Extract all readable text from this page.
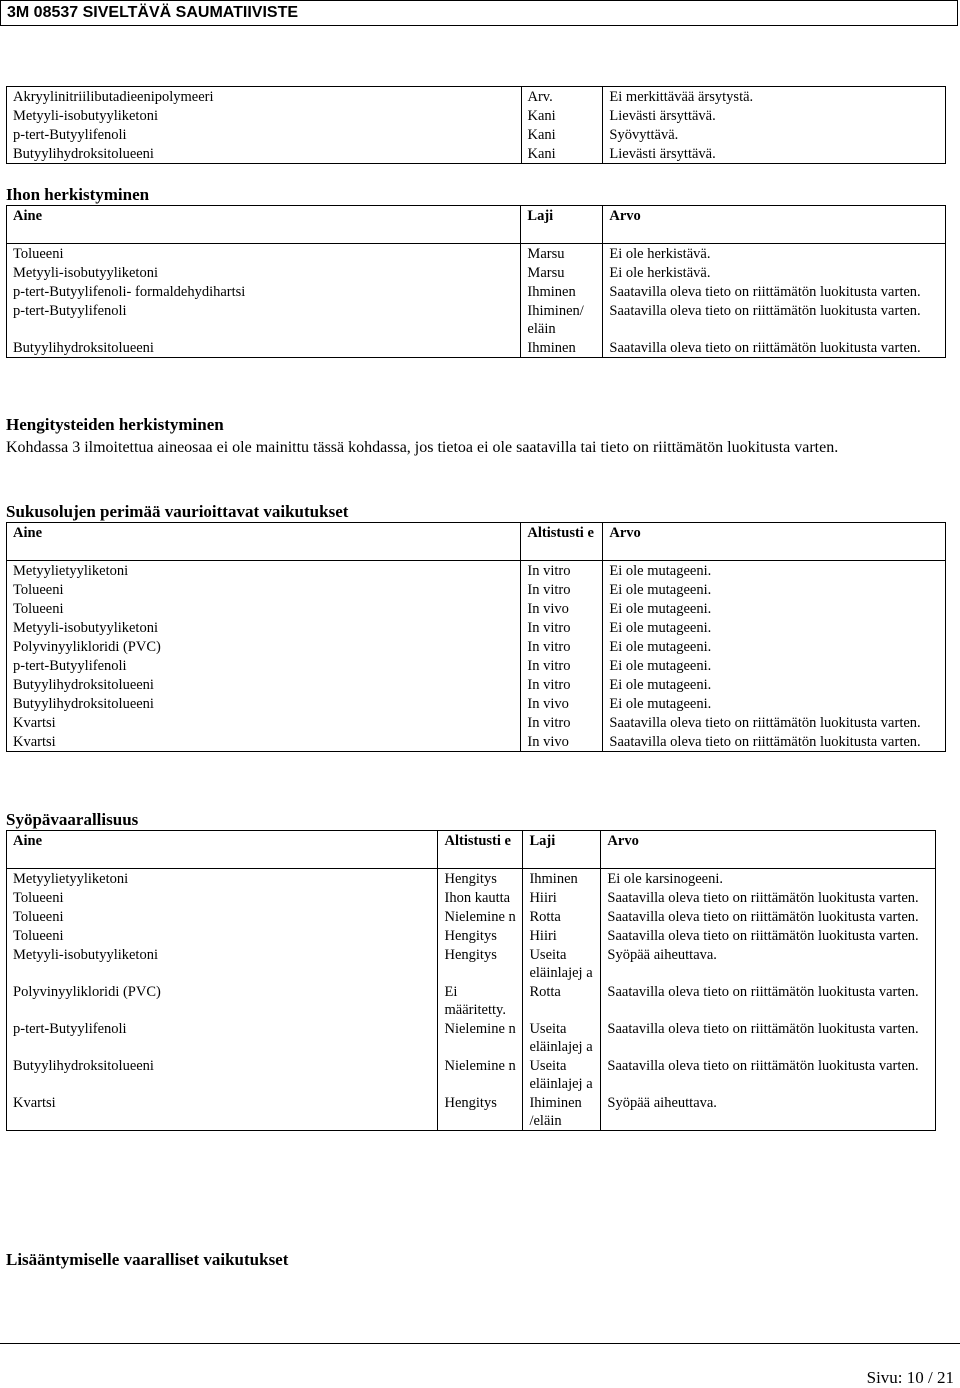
3M 08537 SIVELTÄVÄ SAUMATIIVISTE
Akryylinitriilibutadieenipolymeeri	Arv.	Ei merkittävää ärsytystä.
Metyyli-isobutyyliketoni	Kani	Lievästi ärsyttävä.
p-tert-Butyylifenoli	Kani	Syövyttävä.
Butyylihydroksitolueeni	Kani	Lievästi ärsyttävä.
Ihon herkistyminen
Aine	Laji	Arvo
Tolueeni	Marsu	Ei ole herkistävä.
Metyyli-isobutyyliketoni	Marsu	Ei ole herkistävä.
p-tert-Butyylifenoli- formaldehydihartsi	Ihminen	Saatavilla oleva tieto on riittämätön luokitusta varten.
p-tert-Butyylifenoli	Ihiminen/ eläin	Saatavilla oleva tieto on riittämätön luokitusta varten.
Butyylihydroksitolueeni	Ihminen	Saatavilla oleva tieto on riittämätön luokitusta varten.
Hengitysteiden herkistyminen
Kohdassa 3 ilmoitettua aineosaa ei ole mainittu tässä kohdassa, jos tietoa ei ole saatavilla tai tieto on riittämätön luokitusta varten.
Sukusolujen perimää vaurioittavat vaikutukset
Aine	Altistusti e	Arvo
Metyylietyyliketoni	In vitro	Ei ole mutageeni.
Tolueeni	In vitro	Ei ole mutageeni.
Tolueeni	In vivo	Ei ole mutageeni.
Metyyli-isobutyyliketoni	In vitro	Ei ole mutageeni.
Polyvinyylikloridi (PVC)	In vitro	Ei ole mutageeni.
p-tert-Butyylifenoli	In vitro	Ei ole mutageeni.
Butyylihydroksitolueeni	In vitro	Ei ole mutageeni.
Butyylihydroksitolueeni	In vivo	Ei ole mutageeni.
Kvartsi	In vitro	Saatavilla oleva tieto on riittämätön luokitusta varten.
Kvartsi	In vivo	Saatavilla oleva tieto on riittämätön luokitusta varten.
Syöpävaarallisuus
Aine	Altistusti e	Laji	Arvo
Metyylietyyliketoni	Hengitys	Ihminen	Ei ole karsinogeeni.
Tolueeni	Ihon kautta	Hiiri	Saatavilla oleva tieto on riittämätön luokitusta varten.
Tolueeni	Nielemine n	Rotta	Saatavilla oleva tieto on riittämätön luokitusta varten.
Tolueeni	Hengitys	Hiiri	Saatavilla oleva tieto on riittämätön luokitusta varten.
Metyyli-isobutyyliketoni	Hengitys	Useita eläinlajej a	Syöpää aiheuttava.
Polyvinyylikloridi (PVC)	Ei määritetty.	Rotta	Saatavilla oleva tieto on riittämätön luokitusta varten.
p-tert-Butyylifenoli	Nielemine n	Useita eläinlajej a	Saatavilla oleva tieto on riittämätön luokitusta varten.
Butyylihydroksitolueeni	Nielemine n	Useita eläinlajej a	Saatavilla oleva tieto on riittämätön luokitusta varten.
Kvartsi	Hengitys	Ihiminen /eläin	Syöpää aiheuttava.
Lisääntymiselle vaaralliset vaikutukset
Sivu: 10 / 21
